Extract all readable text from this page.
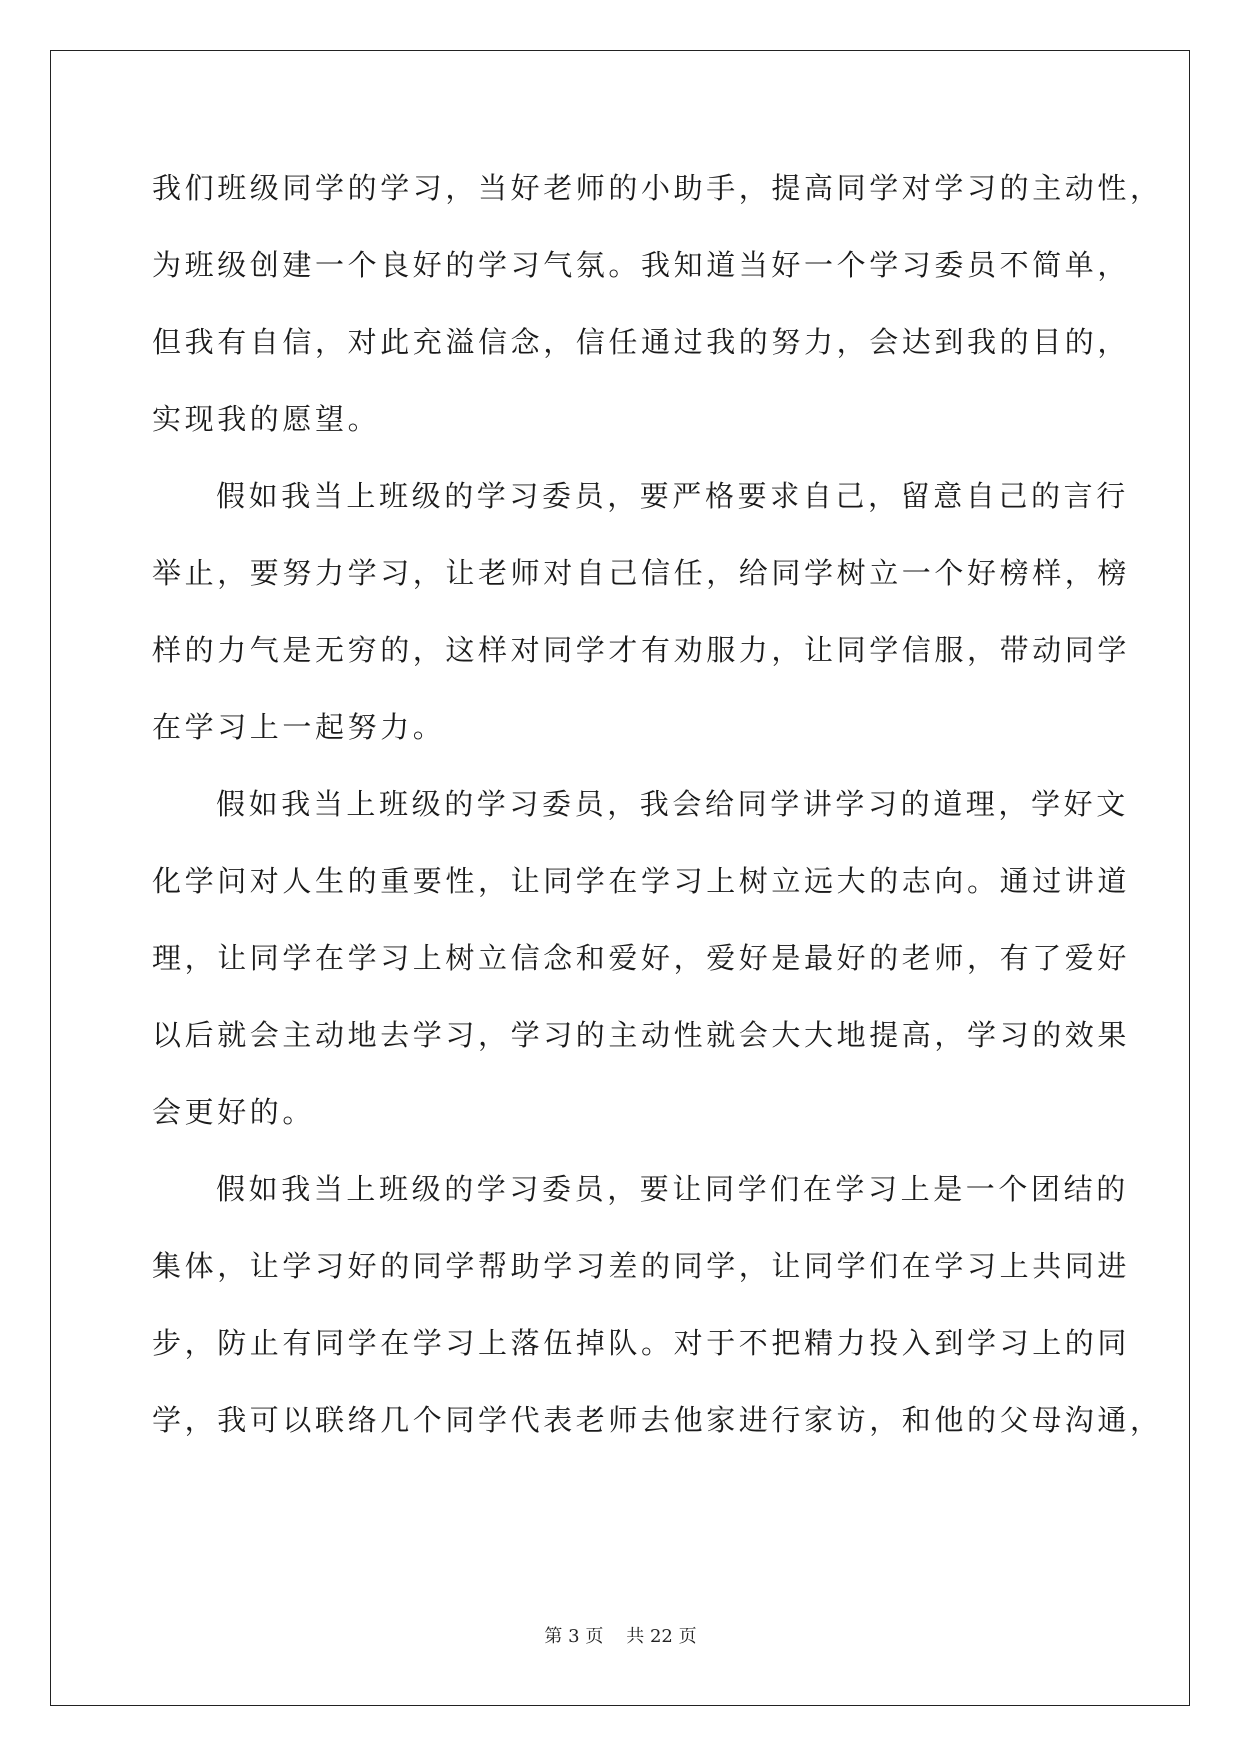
我们班级同学的学习，当好老师的小助手，提高同学对学习的主动性，
为班级创建一个良好的学习气氛。我知道当好一个学习委员不简单，
但我有自信，对此充溢信念，信任通过我的努力，会达到我的目的，
实现我的愿望。
假如我当上班级的学习委员，要严格要求自己，留意自己的言行
举止，要努力学习，让老师对自己信任，给同学树立一个好榜样，榜
样的力气是无穷的，这样对同学才有劝服力，让同学信服，带动同学
在学习上一起努力。
假如我当上班级的学习委员，我会给同学讲学习的道理，学好文
化学问对人生的重要性，让同学在学习上树立远大的志向。通过讲道
理，让同学在学习上树立信念和爱好，爱好是最好的老师，有了爱好
以后就会主动地去学习，学习的主动性就会大大地提高，学习的效果
会更好的。
假如我当上班级的学习委员，要让同学们在学习上是一个团结的
集体，让学习好的同学帮助学习差的同学，让同学们在学习上共同进
步，防止有同学在学习上落伍掉队。对于不把精力投入到学习上的同
学，我可以联络几个同学代表老师去他家进行家访，和他的父母沟通，
第 3 页 共 22 页
